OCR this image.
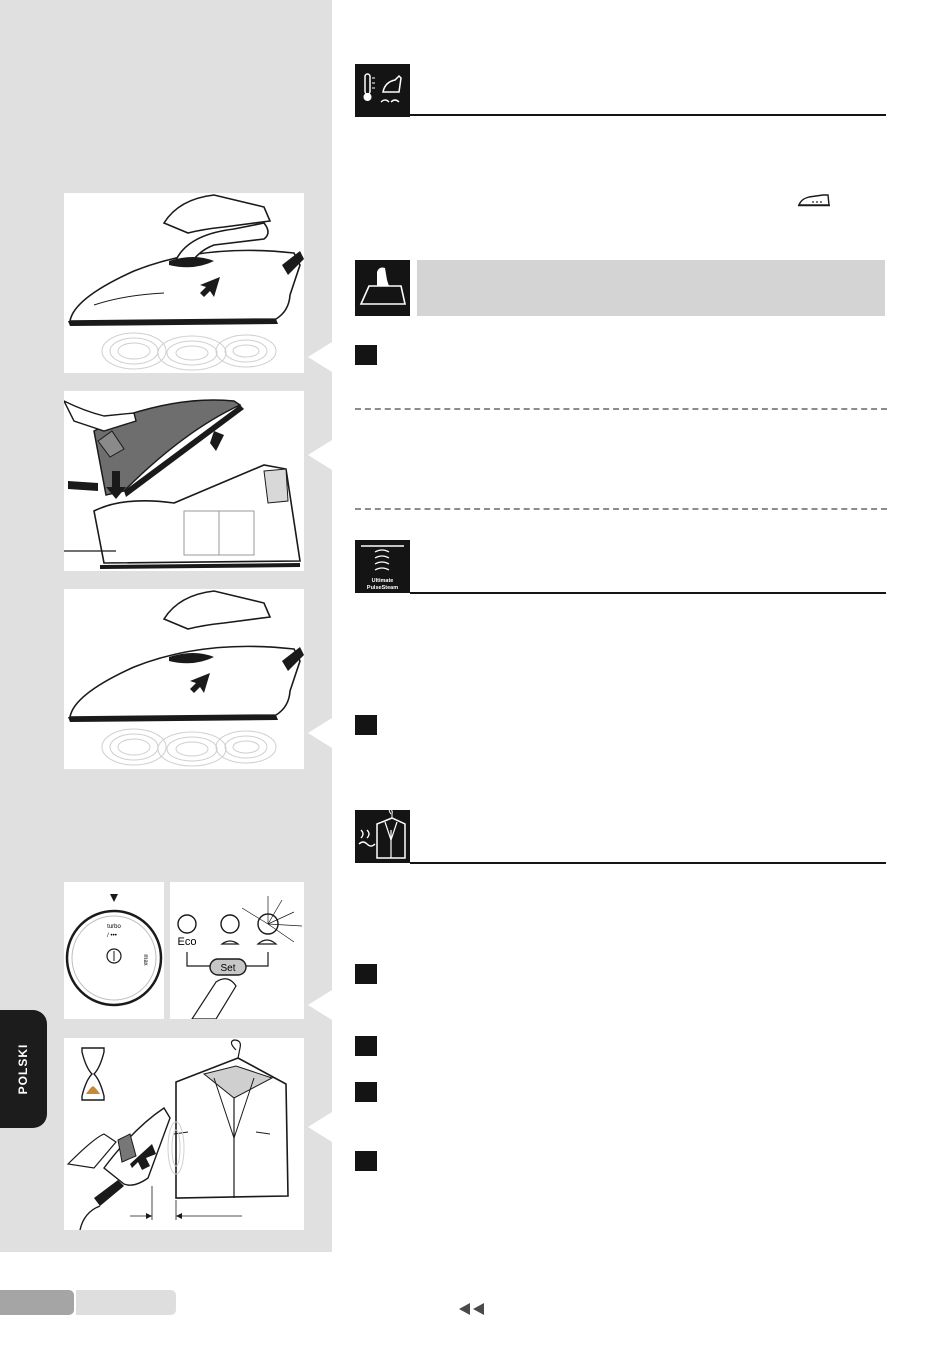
turbo
/ •••
max
Eco
Set
POLSKI
Ultimate
PulseSteam
